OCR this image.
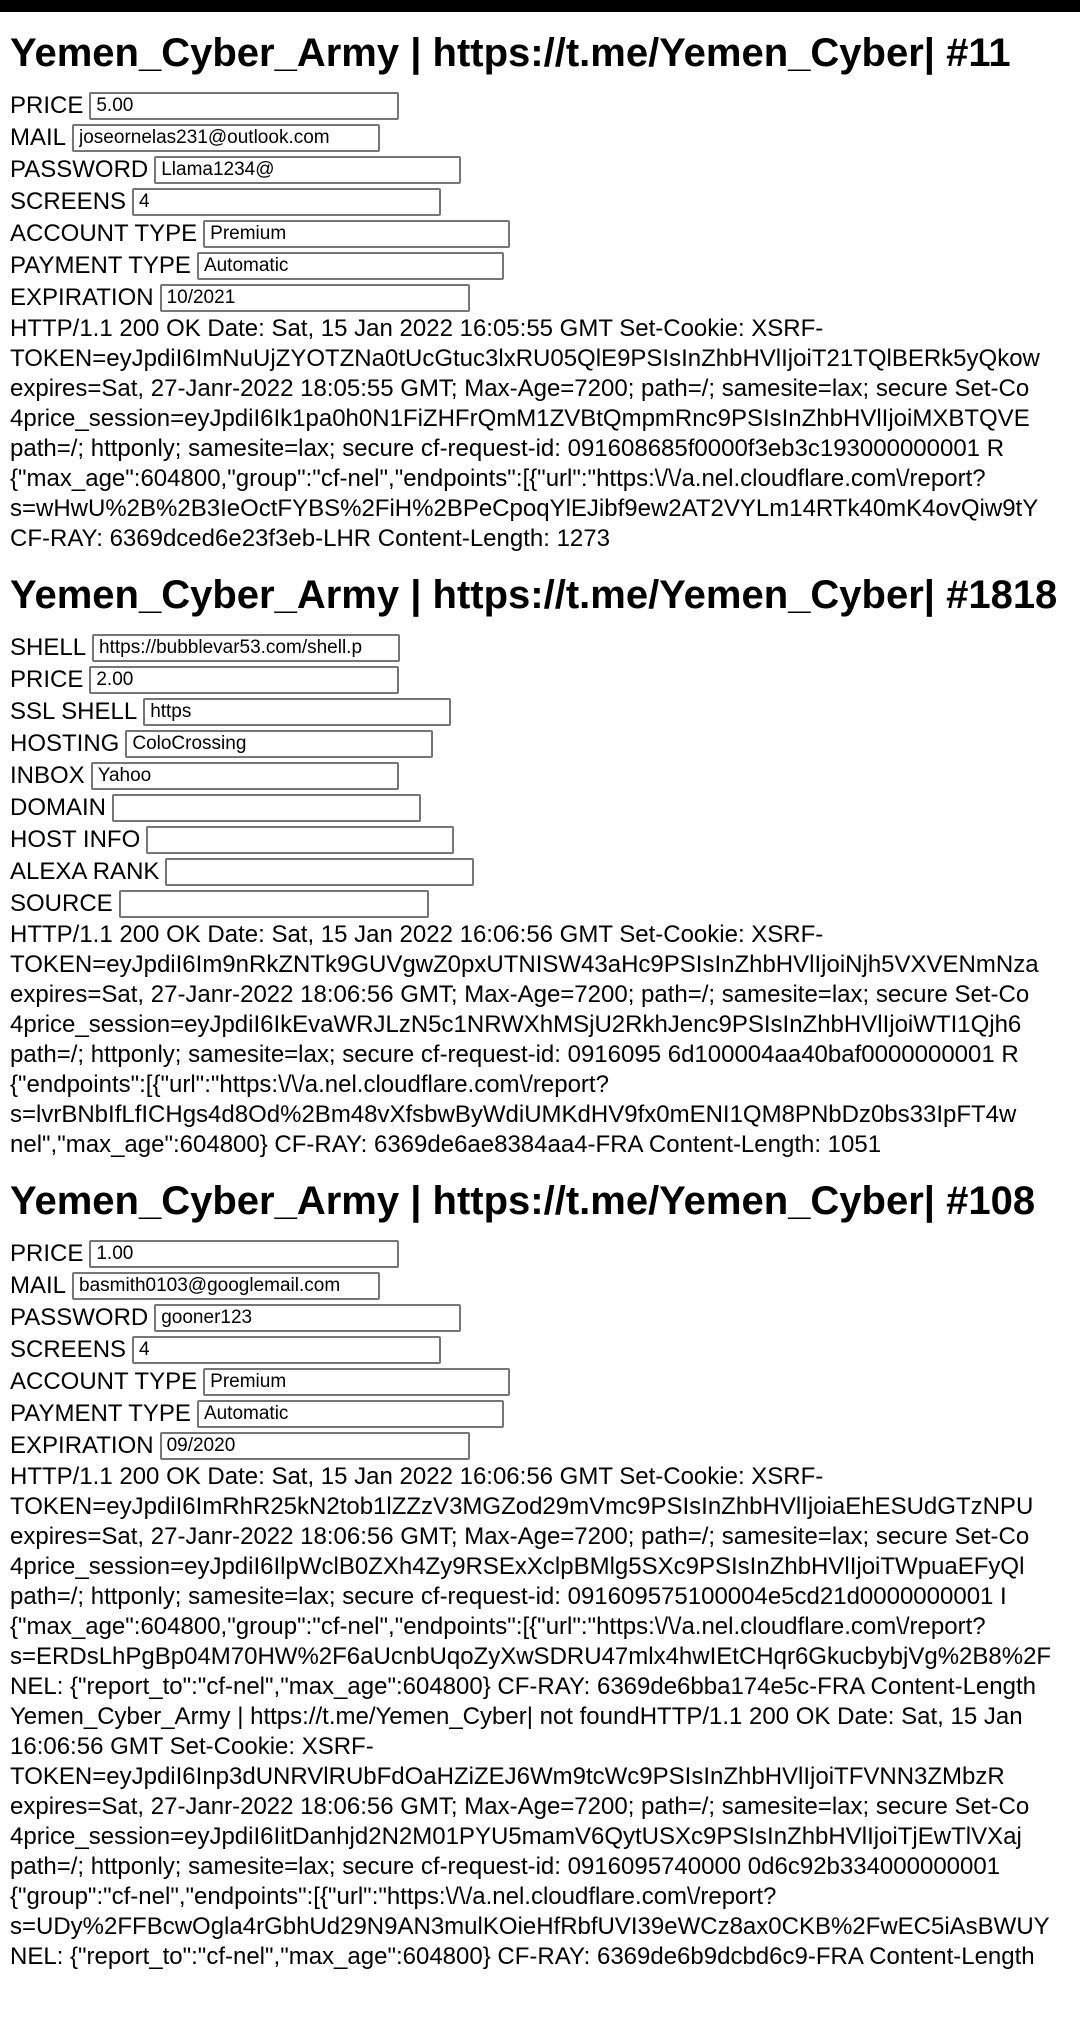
Yemen_Cyber_Army | https://t.me/Yemen_Cyber| #11
PRICE
5.00
MAIL
joseornelas231@outlook.com
PASSWORD
Llama1234@
SCREENS
4
ACCOUNT TYPE
Premium
PAYMENT TYPE
Automatic
EXPIRATION
10/2021
HTTP/1.1 200 OK Date: Sat, 15 Jan 2022 16:05:55 GMT Set-Cookie: XSRF-
TOKEN=eyJpdiI6ImNuUjZYOTZNa0tUcGtuc3lxRU05QlE9PSIsInZhbHVlIjoiT21TQlBERk5yQkow
expires=Sat, 27-Janr-2022 18:05:55 GMT; Max-Age=7200; path=/; samesite=lax; secure Set-Co
4price_session=eyJpdiI6Ik1pa0h0N1FiZHFrQmM1ZVBtQmpmRnc9PSIsInZhbHVlIjoiMXBTQVE
path=/; httponly; samesite=lax; secure cf-request-id: 091608685f0000f3eb3c193000000001 R
{"max_age":604800,"group":"cf-nel","endpoints":[{"url":"https:\/\/a.nel.cloudflare.com\/report?
s=wHwU%2B%2B3IeOctFYBS%2FiH%2BPeCpoqYlEJibf9ew2AT2VYLm14RTk40mK4ovQiw9tY
CF-RAY: 6369dced6e23f3eb-LHR Content-Length: 1273
Yemen_Cyber_Army | https://t.me/Yemen_Cyber| #1818
SHELL
https://bubblevar53.com/shell.p
PRICE
2.00
SSL SHELL
https
HOSTING
ColoCrossing
INBOX
Yahoo
DOMAIN
HOST INFO
ALEXA RANK
SOURCE
HTTP/1.1 200 OK Date: Sat, 15 Jan 2022 16:06:56 GMT Set-Cookie: XSRF-
TOKEN=eyJpdiI6Im9nRkZNTk9GUVgwZ0pxUTNISW43aHc9PSIsInZhbHVlIjoiNjh5VXVENmNza
expires=Sat, 27-Janr-2022 18:06:56 GMT; Max-Age=7200; path=/; samesite=lax; secure Set-Co
4price_session=eyJpdiI6IkEvaWRJLzN5c1NRWXhMSjU2RkhJenc9PSIsInZhbHVlIjoiWTI1Qjh6
path=/; httponly; samesite=lax; secure cf-request-id: 0916095 6d100004aa40baf0000000001 R
{"endpoints":[{"url":"https:\/\/a.nel.cloudflare.com\/report?
s=lvrBNbIfLfICHgs4d8Od%2Bm48vXfsbwByWdiUMKdHV9fx0mENI1QM8PNbDz0bs33IpFT4w
nel","max_age":604800} CF-RAY: 6369de6ae8384aa4-FRA Content-Length: 1051
Yemen_Cyber_Army | https://t.me/Yemen_Cyber| #108
PRICE
1.00
MAIL
basmith0103@googlemail.com
PASSWORD
gooner123
SCREENS
4
ACCOUNT TYPE
Premium
PAYMENT TYPE
Automatic
EXPIRATION
09/2020
HTTP/1.1 200 OK Date: Sat, 15 Jan 2022 16:06:56 GMT Set-Cookie: XSRF-
TOKEN=eyJpdiI6ImRhR25kN2tob1lZZzV3MGZod29mVmc9PSIsInZhbHVlIjoiaEhESUdGTzNPU
expires=Sat, 27-Janr-2022 18:06:56 GMT; Max-Age=7200; path=/; samesite=lax; secure Set-Co
4price_session=eyJpdiI6IlpWclB0ZXh4Zy9RSExXclpBMlg5SXc9PSIsInZhbHVlIjoiTWpuaEFyQl
path=/; httponly; samesite=lax; secure cf-request-id: 091609575100004e5cd21d0000000001 I
{"max_age":604800,"group":"cf-nel","endpoints":[{"url":"https:\/\/a.nel.cloudflare.com\/report?
s=ERDsLhPgBp04M70HW%2F6aUcnbUqoZyXwSDRU47mlx4hwIEtCHqr6GkucbybjVg%2B8%2F
NEL: {"report_to":"cf-nel","max_age":604800} CF-RAY: 6369de6bba174e5c-FRA Content-Length
Yemen_Cyber_Army | https://t.me/Yemen_Cyber| not foundHTTP/1.1 200 OK Date: Sat, 15 Jan
16:06:56 GMT Set-Cookie: XSRF-
TOKEN=eyJpdiI6Inp3dUNRVlRUbFdOaHZiZEJ6Wm9tcWc9PSIsInZhbHVlIjoiTFVNN3ZMbzR
expires=Sat, 27-Janr-2022 18:06:56 GMT; Max-Age=7200; path=/; samesite=lax; secure Set-Co
4price_session=eyJpdiI6IitDanhjd2N2M01PYU5mamV6QytUSXc9PSIsInZhbHVlIjoiTjEwTlVXaj
path=/; httponly; samesite=lax; secure cf-request-id: 0916095740000 0d6c92b334000000001
{"group":"cf-nel","endpoints":[{"url":"https:\/\/a.nel.cloudflare.com\/report?
s=UDy%2FFBcwOgla4rGbhUd29N9AN3mulKOieHfRbfUVI39eWCz8ax0CKB%2FwEC5iAsBWUY
NEL: {"report_to":"cf-nel","max_age":604800} CF-RAY: 6369de6b9dcbd6c9-FRA Content-Length
